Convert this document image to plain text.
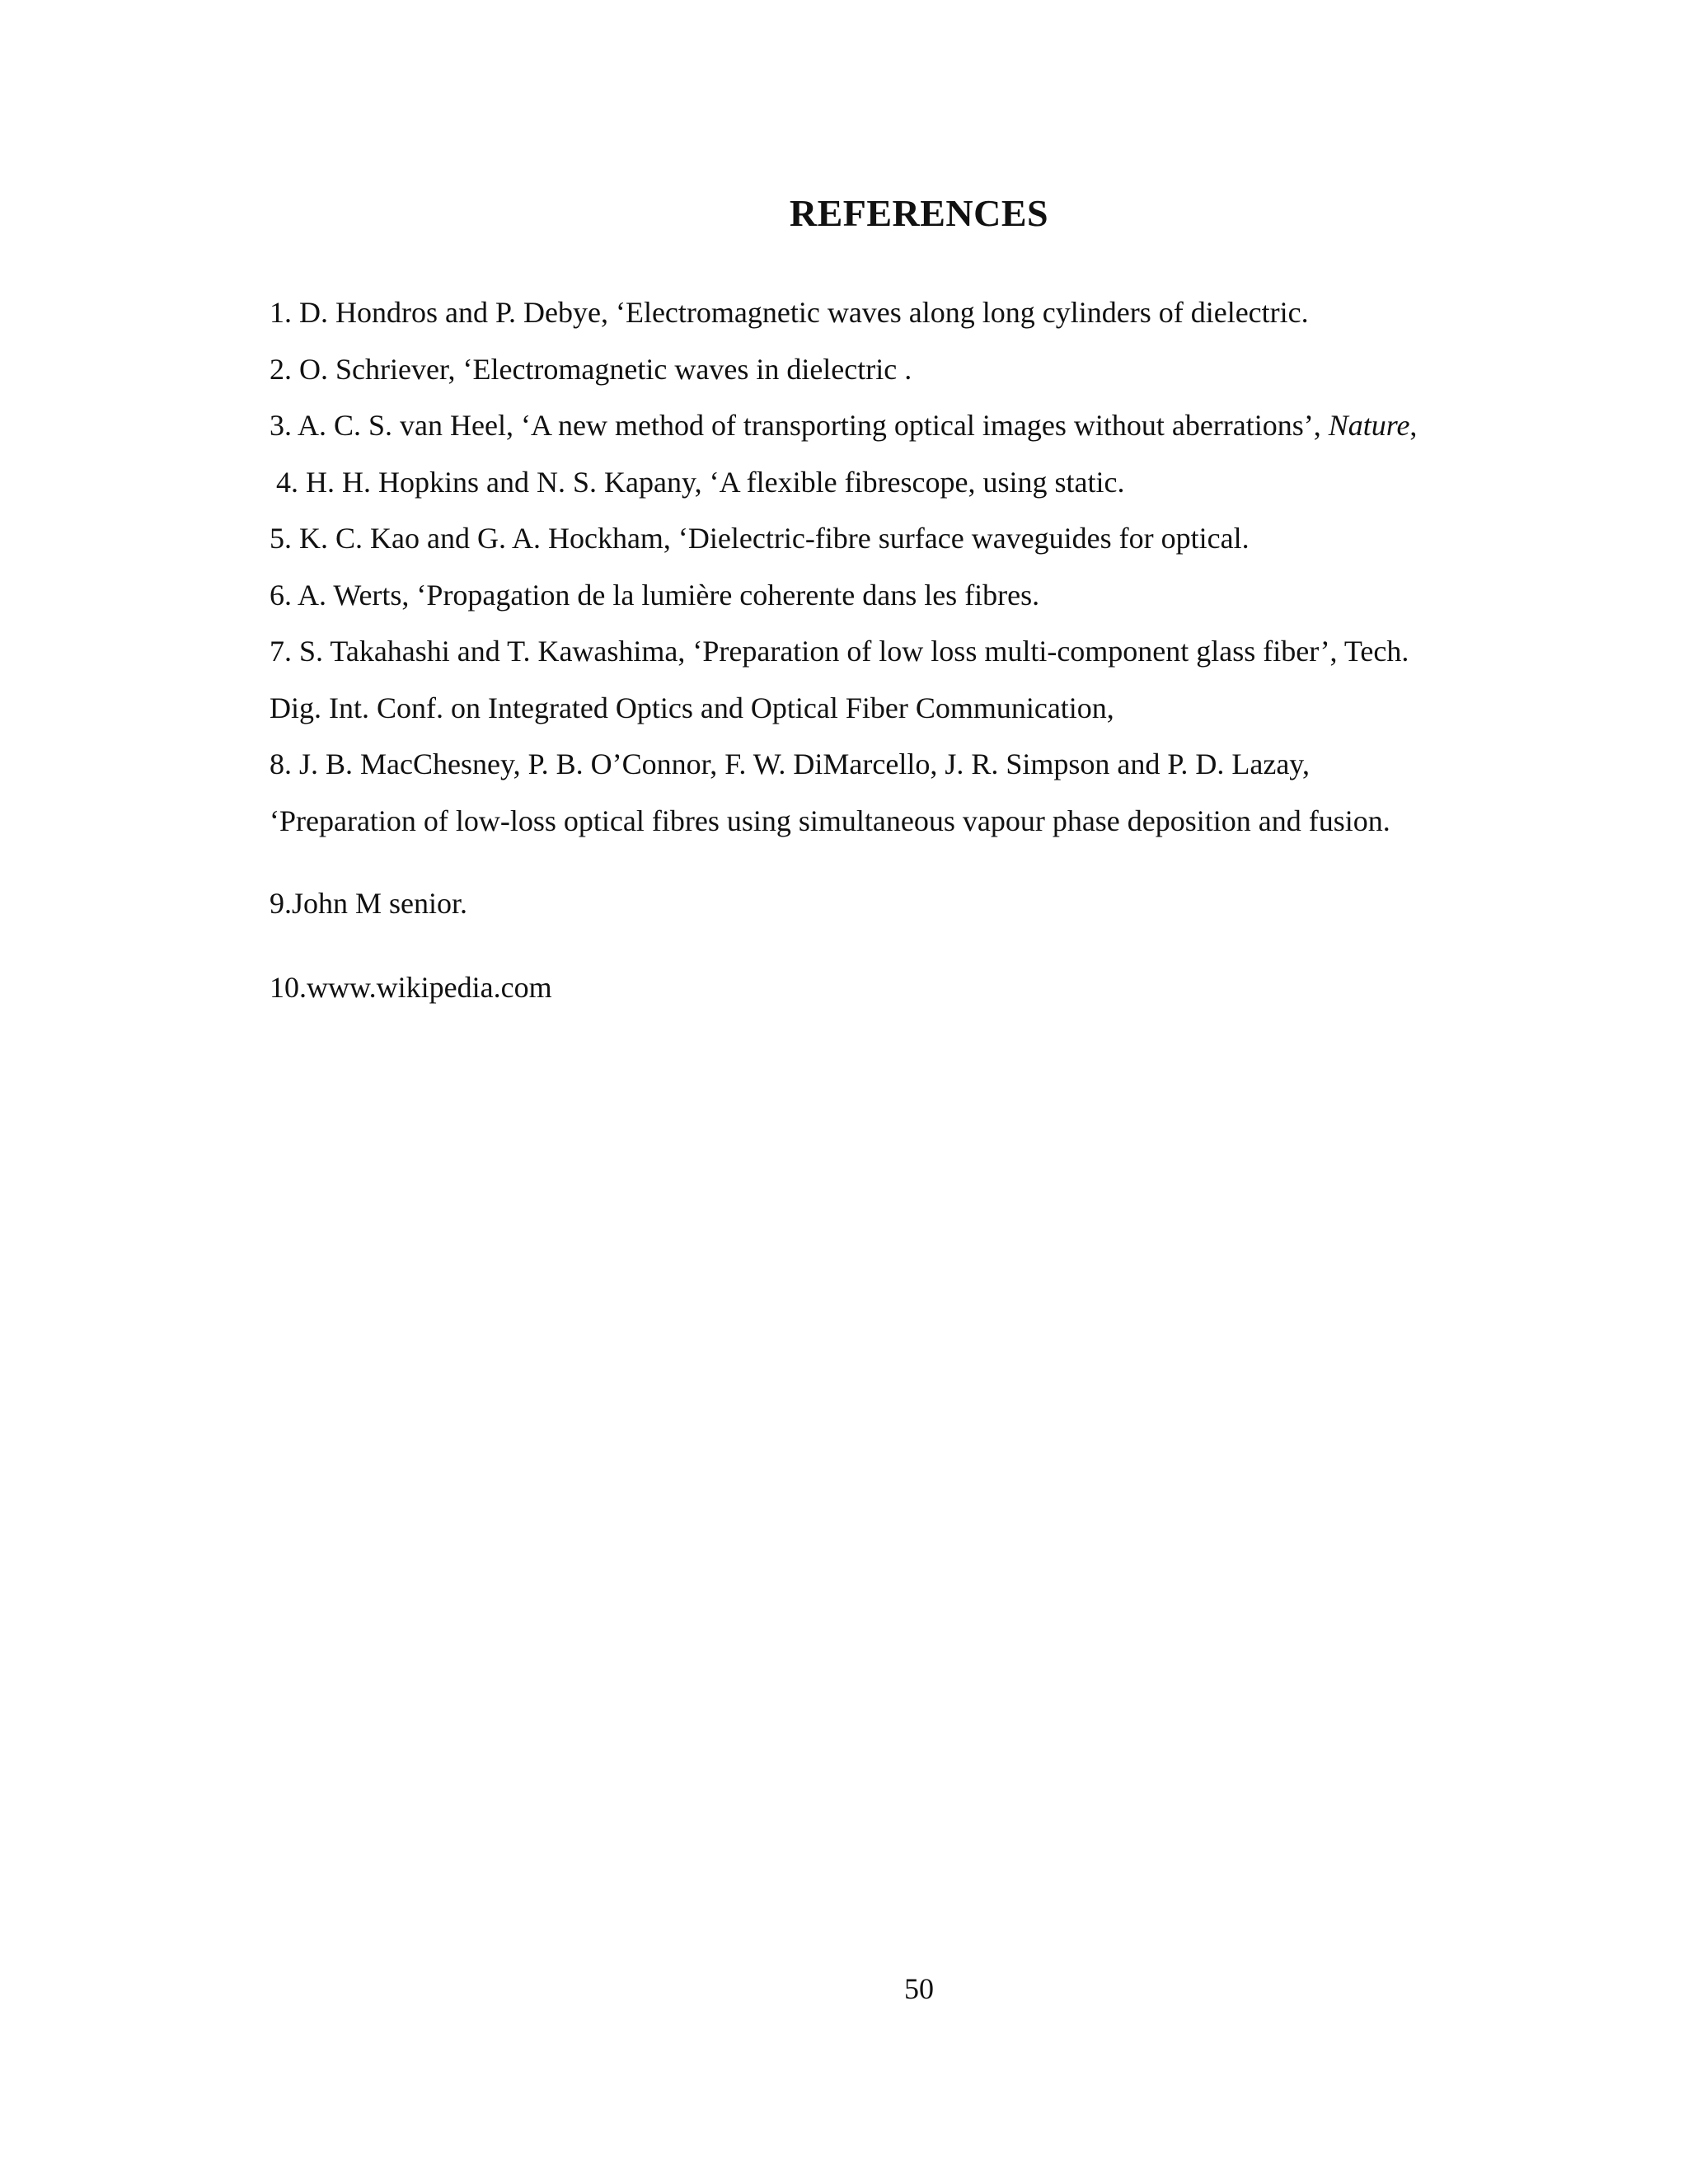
REFERENCES
1. D. Hondros and P. Debye, ‘Electromagnetic waves along long cylinders of dielectric.
2. O. Schriever, ‘Electromagnetic waves in dielectric .
3. A. C. S. van Heel, ‘A new method of transporting optical images without aberrations’, Nature,
4. H. H. Hopkins and N. S. Kapany, ‘A flexible fibrescope, using static.
5. K. C. Kao and G. A. Hockham, ‘Dielectric-fibre surface waveguides for optical.
6. A. Werts, ‘Propagation de la lumière coherente dans les fibres.
7. S. Takahashi and T. Kawashima, ‘Preparation of low loss multi-component glass fiber’, Tech.
Dig. Int. Conf. on Integrated Optics and Optical Fiber Communication,
8. J. B. MacChesney, P. B. O’Connor, F. W. DiMarcello, J. R. Simpson and P. D. Lazay,
‘Preparation of low-loss optical fibres using simultaneous vapour phase deposition and fusion.
9.John M senior.
10.www.wikipedia.com
50
